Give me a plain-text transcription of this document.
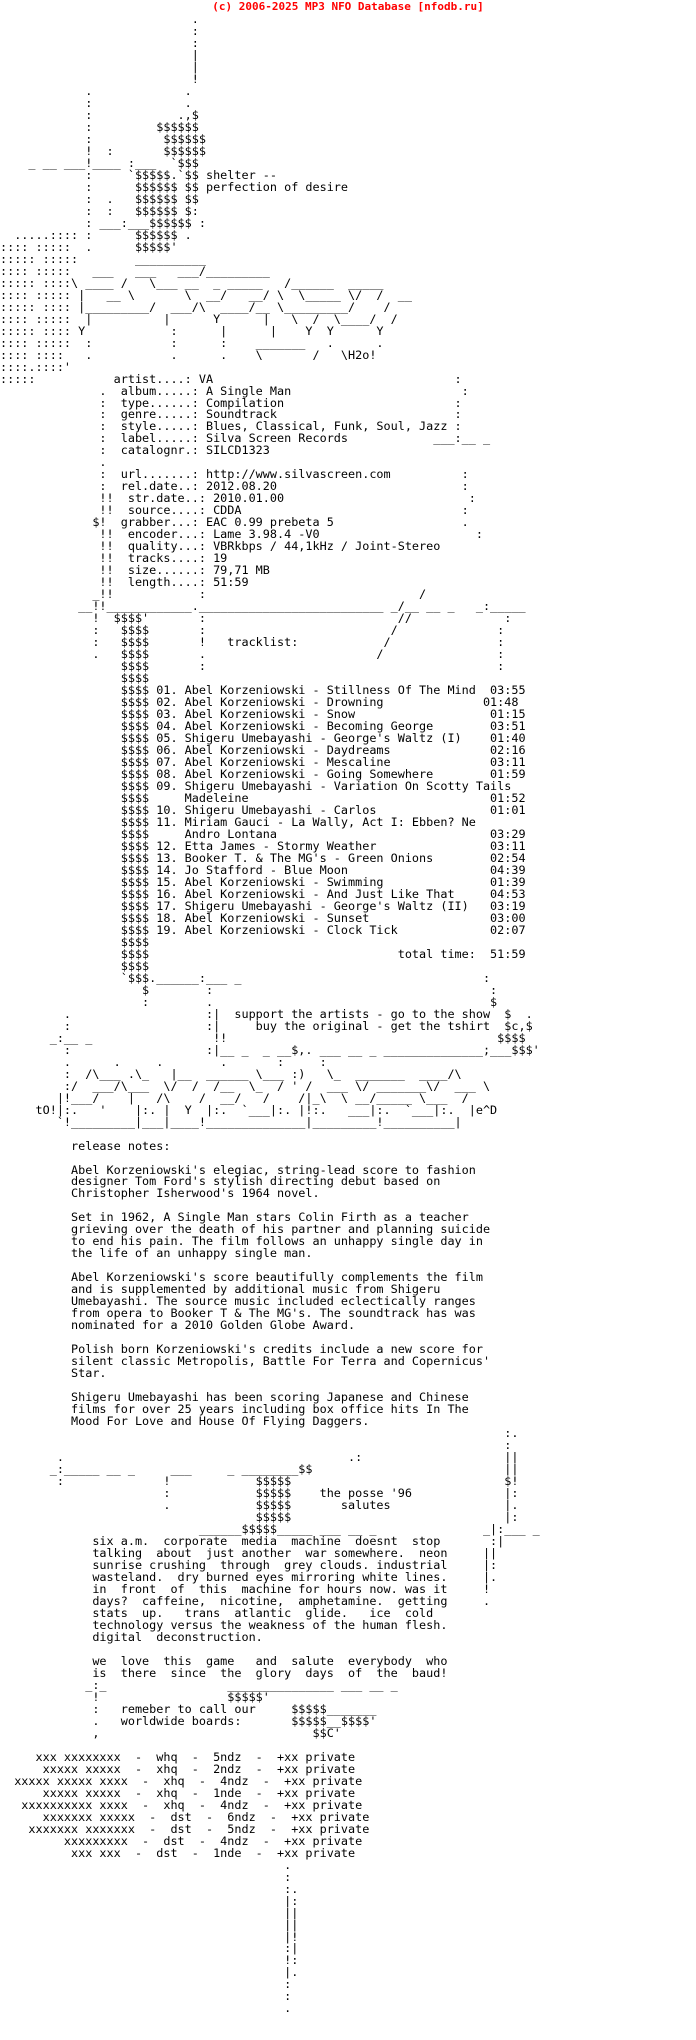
(c) 2006-2025 MP3 NFO Database [nfodb.ru]
.
:
:
|
|
!
.             .
:             .
:            .,$
:         $$$$$$
:          $$$$$$
!  :       $$$$$$
_ __ ___!____ :___  `$$$
:     `$$$$$.`$$ shelter --
:      $$$$$$ $$ perfection of desire
:  .   $$$$$$ $$
:  :   $$$$$$ $:
: ___:___$$$$$$ :
.....:::: :      $$$$$$ .
:::: :::::  .      $$$$$'
::::: :::::        __________
:::: :::::   ___   ___   ___/_________
::::: ::::\ ____ /   \___ __  _ _____   /______  _____
:::: ::::: |   __ \       \  __/   __/ \  \_____ \/  /  __
::::: :::: |_________/  ___/\  ____/__ \_________/    /
:::: :::::  |          |      Y      |   \  /  \____/  /
::::: :::: Y            :      |      |    Y  Y      Y
:::: :::::  :           :      :    _______   .      .
:::: ::::   .           .      .    \       /   \H2o!
::::.::::'
:::::           artist....: VA                                  :
.  album.....: A Single Man                        :
:  type......: Compilation                        :
:  genre.....: Soundtrack                         :
:  style.....: Blues, Classical, Funk, Soul, Jazz :
:  label.....: Silva Screen Records            ___:__ _
:  catalognr.: SILCD1323
.
:  url.......: http://www.silvascreen.com          :
:  rel.date..: 2012.08.20                          :
!!  str.date..: 2010.01.00                          :
!!  source....: CDDA                               :
$!  grabber...: EAC 0.99 prebeta 5                  .
!!  encoder...: Lame 3.98.4 -V0                      :
!!  quality...: VBRkbps / 44,1kHz / Joint-Stereo
!!  tracks....: 19
!!  size......: 79,71 MB
!!  length....: 51:59
_!!            :                              /
__!!____________.__________________________ _/__ __ _   _:_____
!  $$$$'       :                           //             :
:   $$$$       :                          /              :
:   $$$$       !   tracklist:            /               :
.   $$$$       .                        /                :
$$$$       :                                         :
$$$$
$$$$ 01. Abel Korzeniowski - Stillness Of The Mind  03:55
$$$$ 02. Abel Korzeniowski - Drowning              01:48
$$$$ 03. Abel Korzeniowski - Snow                   01:15
$$$$ 04. Abel Korzeniowski - Becoming George        03:51
$$$$ 05. Shigeru Umebayashi - George's Waltz (I)    01:40
$$$$ 06. Abel Korzeniowski - Daydreams              02:16
$$$$ 07. Abel Korzeniowski - Mescaline              03:11
$$$$ 08. Abel Korzeniowski - Going Somewhere        01:59
$$$$ 09. Shigeru Umebayashi - Variation On Scotty Tails
$$$$     Madeleine                                  01:52
$$$$ 10. Shigeru Umebayashi - Carlos                01:01
$$$$ 11. Miriam Gauci - La Wally, Act I: Ebben? Ne
$$$$     Andro Lontana                              03:29
$$$$ 12. Etta James - Stormy Weather                03:11
$$$$ 13. Booker T. & The MG's - Green Onions        02:54
$$$$ 14. Jo Stafford - Blue Moon                    04:39
$$$$ 15. Abel Korzeniowski - Swimming               01:39
$$$$ 16. Abel Korzeniowski - And Just Like That     04:53
$$$$ 17. Shigeru Umebayashi - George's Waltz (II)   03:19
$$$$ 18. Abel Korzeniowski - Sunset                 03:00
$$$$ 19. Abel Korzeniowski - Clock Tick             02:07
$$$$
$$$$                                   total time:  51:59
$$$$
`$$$.______:___ _                                  :
$        :                                       :
:        .                                       $
.                   :|  support the artists - go to the show  $  .
:                   :|     buy the original - get the tshirt  $c,$
_:__ _                 !!                                      $$$$
:                   :|__ _  _ __$,. ___ __ _ ______________;___$$$'
.      .     .        .       :     :
:  /\___ .\_   |__  ______ \___ :)   \_  _______  ____/\
:/  ___/\___  \/  /  /__  \_  / ' /  ___ \/ _______\/  ___ \
|!___/    |   /\    /  __/   /    /|_\  \ __/_____ \___  /
tO!|:.   '    |:. |  Y  |:.  `___|:. |!:.   ___|:.  `___|:.  |e^D
`!_________|___|____!______________|_________!__________|

release notes:

Abel Korzeniowski's elegiac, string-lead score to fashion
designer Tom Ford's stylish directing debut based on
Christopher Isherwood's 1964 novel.

Set in 1962, A Single Man stars Colin Firth as a teacher
grieving over the death of his partner and planning suicide
to end his pain. The film follows an unhappy single day in
the life of an unhappy single man.

Abel Korzeniowski's score beautifully complements the film
and is supplemented by additional music from Shigeru
Umebayashi. The source music included eclectically ranges
from opera to Booker T & The MG's. The soundtrack has was
nominated for a 2010 Golden Globe Award.

Polish born Korzeniowski's credits include a new score for
silent classic Metropolis, Battle For Terra and Copernicus'
Star.

Shigeru Umebayashi has been scoring Japanese and Chinese
films for over 25 years including box office hits In The
Mood For Love and House Of Flying Daggers.
:.
:
.                                        .:                    ||
_:_____ __ _     ___     _ ________$$                           ||
:              !            $$$$$                              $!
:            $$$$$    the posse '96             |:
.            $$$$$       salutes                |.
$$$$$                              |:
______$$$$$_____ ___ __ _               _|:___ _
six a.m.  corporate  media  machine  doesnt  stop       :|
talking  about  just another  war somewhere.  neon     ||
sunrise crushing  through  grey clouds. industrial     |:
wasteland.  dry burned eyes mirroring white lines.     |.
in  front  of  this  machine for hours now. was it     !
days?  caffeine,  nicotine,  amphetamine.  getting     .
stats  up.   trans  atlantic  glide.   ice  cold
technology versus the weakness of the human flesh.
digital  deconstruction.

we  love  this  game   and  salute  everybody  who
is  there  since  the  glory  days  of  the  baud!
_:_                 _______________ ___ __ _
!                  $$$$$'
:   remeber to call our     $$$$$_______
.   worldwide boards:       $$$$$__$$$$'
,                              $$C'

xxx xxxxxxxx  -  whq  -  5ndz  -  +xx private
xxxxx xxxxx  -  xhq  -  2ndz  -  +xx private
xxxxx xxxxx xxxx  -  xhq  -  4ndz  -  +xx private
xxxxx xxxxx  -  xhq  -  1nde  -  +xx private
xxxxxxxxxx xxxx  -  xhq  -  4ndz  -  +xx private
xxxxxxx xxxxx  -  dst  -  6ndz  -  +xx private
xxxxxxx xxxxxxx  -  dst  -  5ndz  -  +xx private
xxxxxxxxx  -  dst  -  4ndz  -  +xx private
xxx xxx  -  dst  -  1nde  -  +xx private
.
:
:.
|:
||
||
|!
:|
!:
|.
:
:
.
